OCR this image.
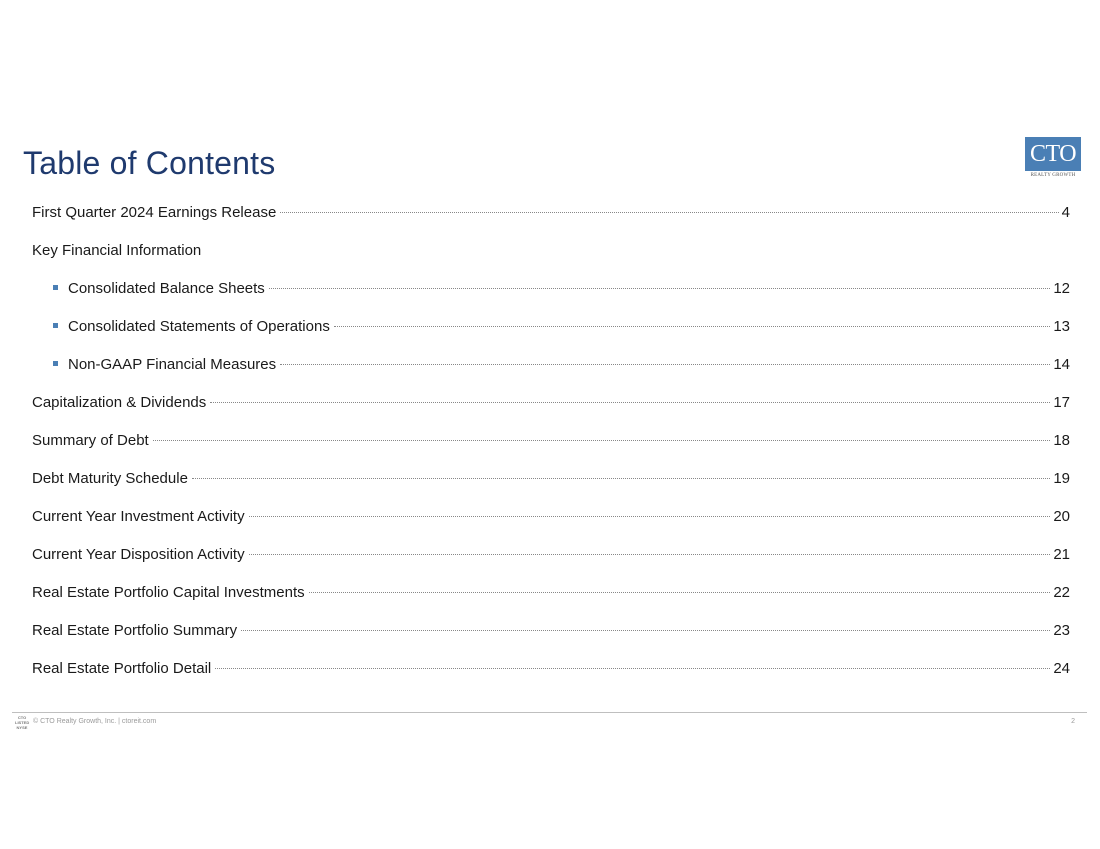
Table of Contents	CTO
REALTY GROWTH
First Quarter 2024 Earnings Release	4
Key Financial Information
Consolidated Balance Sheets	12
Consolidated Statements of Operations	13
Non-GAAP Financial Measures	14
Capitalization & Dividends	17
Summary of Debt	18
Debt Maturity Schedule	19
Current Year Investment Activity	20
Current Year Disposition Activity	21
Real Estate Portfolio Capital Investments	22
Real Estate Portfolio Summary	23
Real Estate Portfolio Detail	24
CTO
LISTED
NYSE
© CTO Realty Growth, Inc. | ctoreit.com	2
